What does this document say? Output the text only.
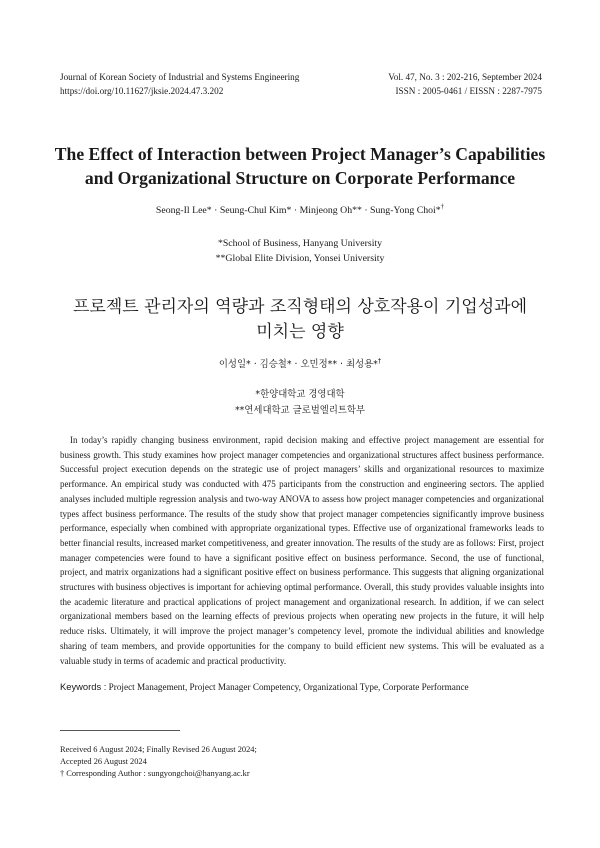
Journal of Korean Society of Industrial and Systems Engineering
https://doi.org/10.11627/jksie.2024.47.3.202
Vol. 47, No. 3 : 202-216, September 2024
ISSN : 2005-0461 / EISSN : 2287-7975
The Effect of Interaction between Project Manager’s Capabilities
and Organizational Structure on Corporate Performance
Seong-Il Lee* · Seung-Chul Kim* · Minjeong Oh** · Sung-Yong Choi*†
*School of Business, Hanyang University
**Global Elite Division, Yonsei University
프로젝트 관리자의 역량과 조직형태의 상호작용이 기업성과에
미치는 영향
이성일* · 김승철* · 오민정** · 최성용*†
*한양대학교 경영대학
**연세대학교 글로벌엘리트학부

In today’s rapidly changing business environment, rapid decision making and effective project management are essential for business growth. This study examines how project manager competencies and organizational structures affect business performance. Successful project execution depends on the strategic use of project managers’ skills and organizational resources to maximize performance. An empirical study was conducted with 475 participants from the construction and engineering sectors. The applied analyses included multiple regression analysis and two-way ANOVA to assess how project manager competencies and organizational types affect business performance. The results of the study show that project manager competencies significantly improve business performance, especially when combined with appropriate organizational types. Effective use of organizational frameworks leads to better financial results, increased market competitiveness, and greater innovation. The results of the study are as follows: First, project manager competencies were found to have a significant positive effect on business performance. Second, the use of functional, project, and matrix organizations had a significant positive effect on business performance. This suggests that aligning organizational structures with business objectives is important for achieving optimal performance. Overall, this study provides valuable insights into the academic literature and practical applications of project management and organizational research. In addition, if we can select organizational members based on the learning effects of previous projects when operating new projects in the future, it will help reduce risks. Ultimately, it will improve the project manager’s competency level, promote the individual abilities and knowledge sharing of team members, and provide opportunities for the company to build efficient new systems. This will be evaluated as a valuable study in terms of academic and practical productivity.

Keywords : Project Management, Project Manager Competency, Organizational Type, Corporate Performance
Received 6 August 2024; Finally Revised 26 August 2024;
Accepted 26 August 2024
† Corresponding Author : sungyongchoi@hanyang.ac.kr
